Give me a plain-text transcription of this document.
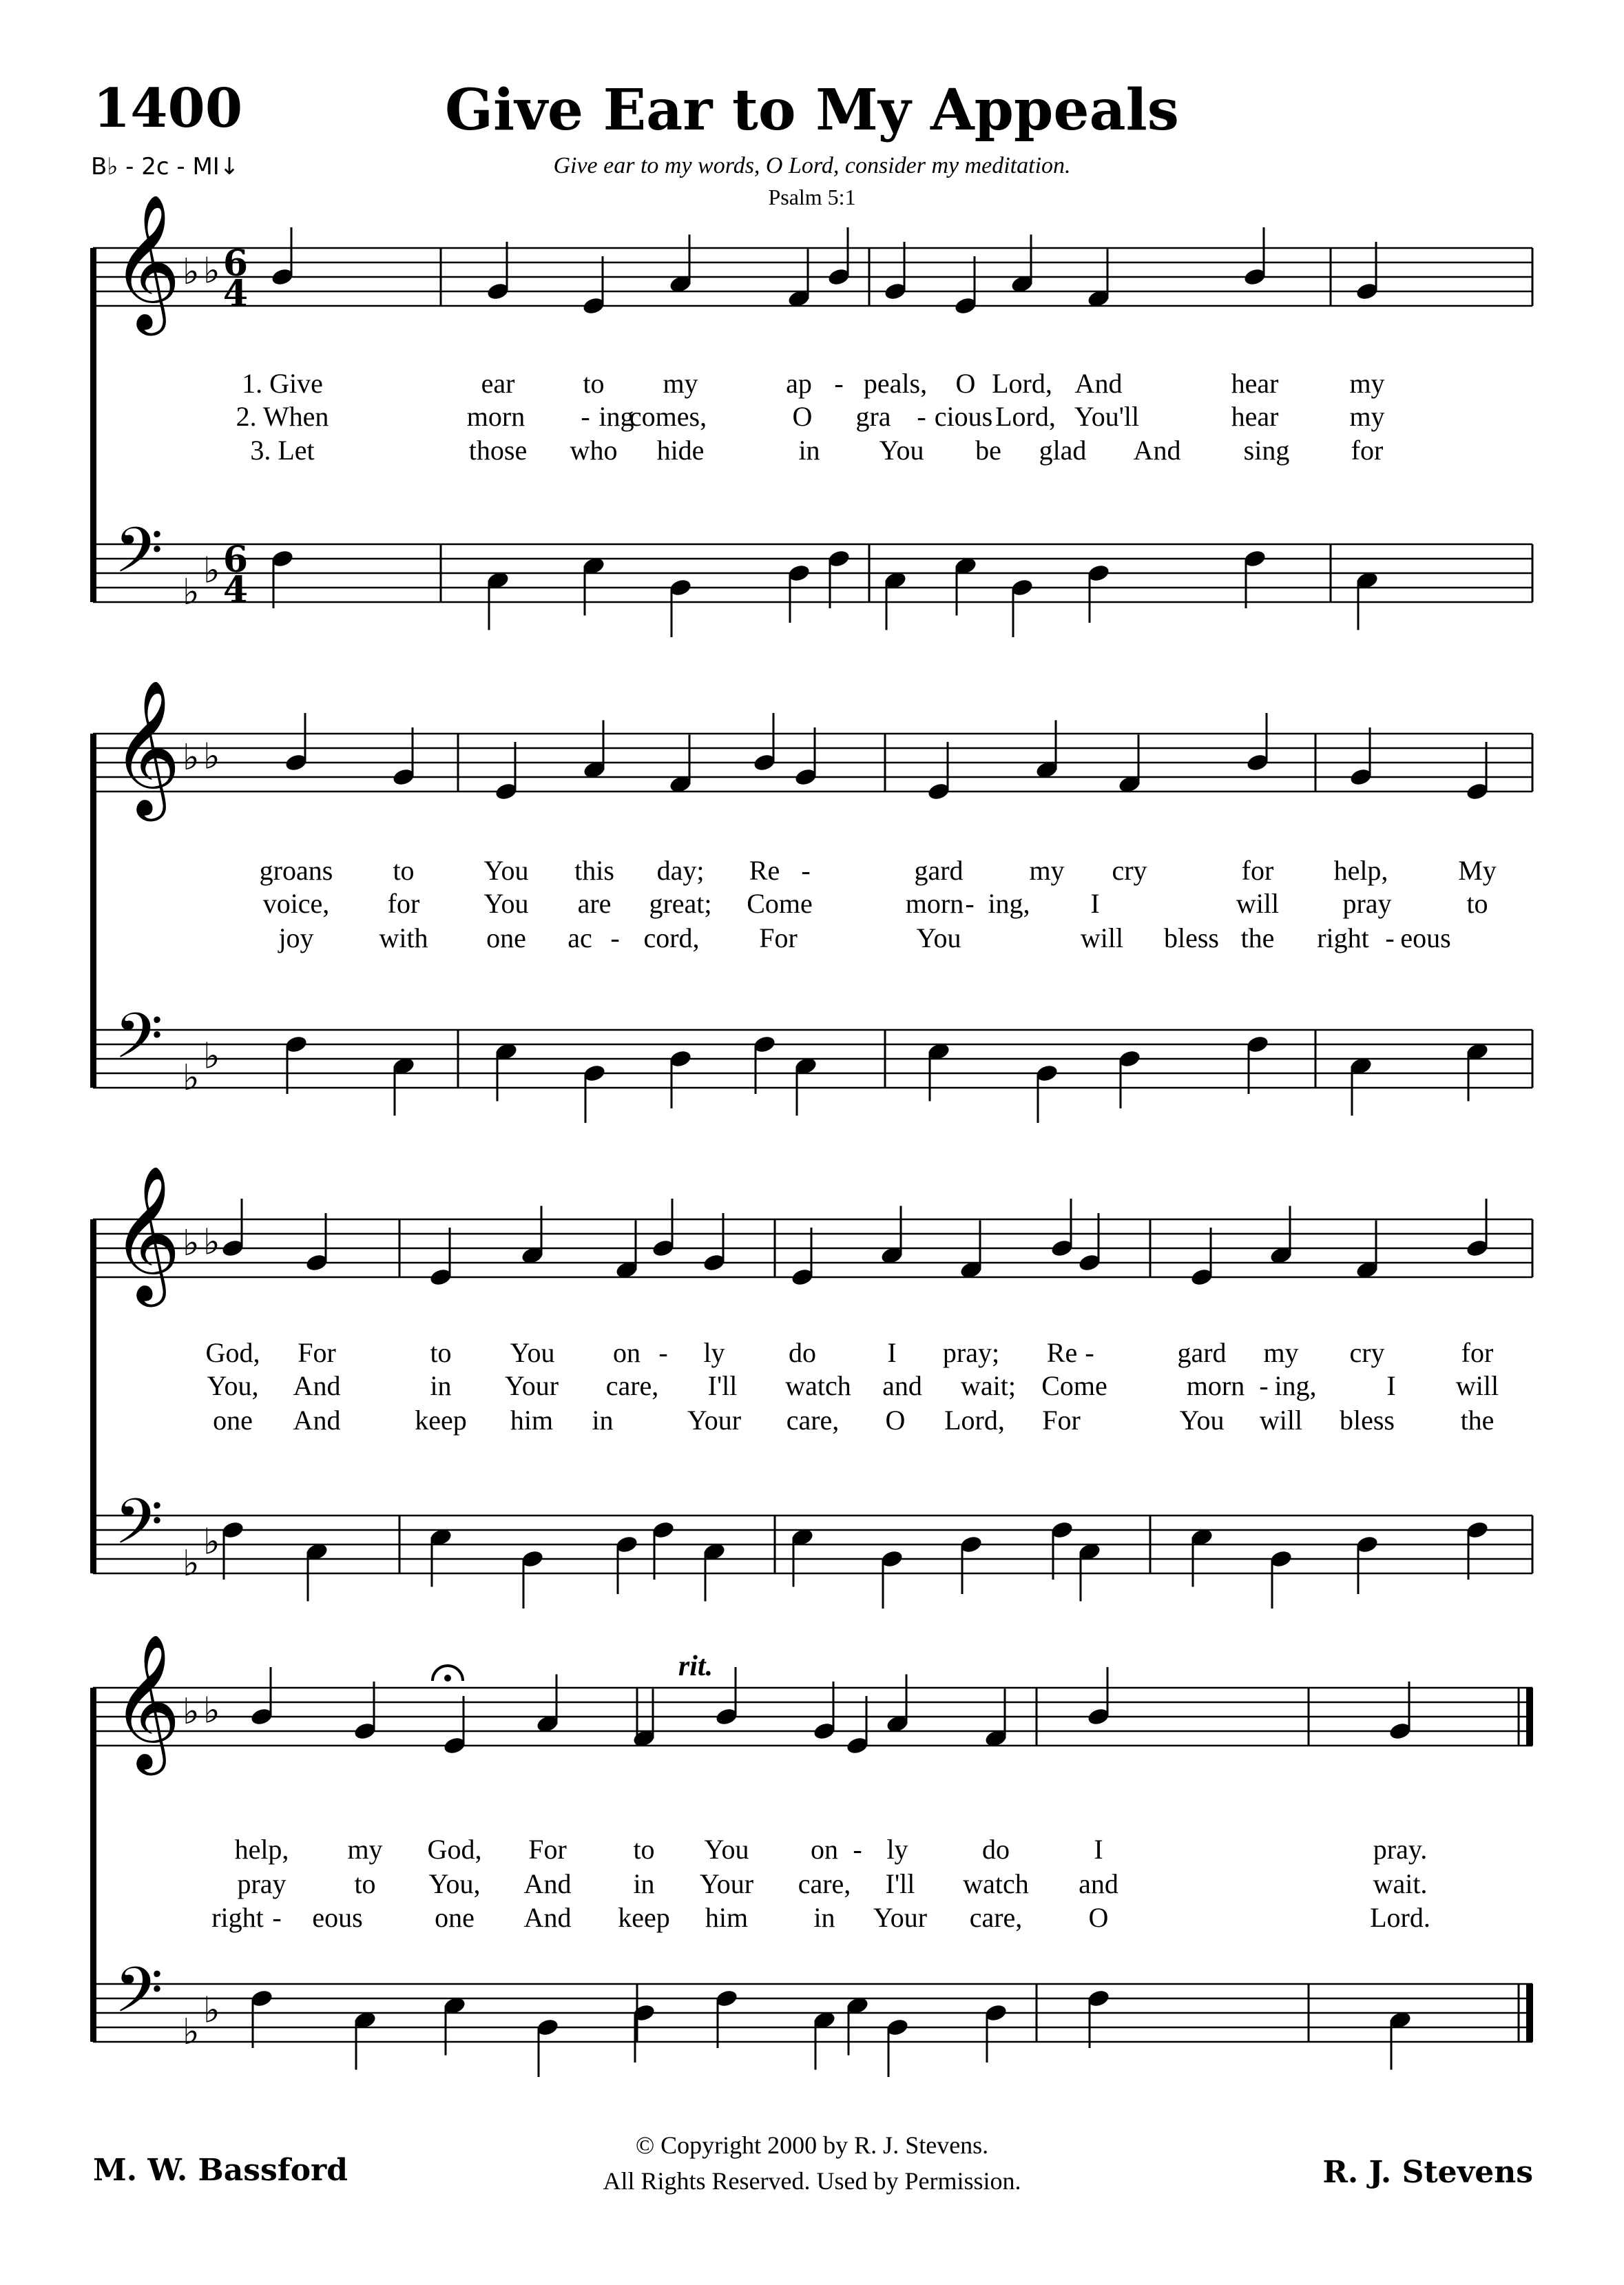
1400	Give Ear to My Appeals
B♭ - 2c - MI↓	Give ear to my words, O Lord, consider my meditation.
Psalm 5:1
𝄞
𝄢
♭ ♭
♭
♭
6
4
6
4
𝄞
𝄢
♭ ♭
♭
♭
𝄞
𝄢
♭ ♭
♭
♭
𝄞
𝄢
♭ ♭
♭
♭
rit.
1. Give	ear to my	ap - peals, O Lord, And	hear	my
2. When	morn - ing
comes,	O gra - cious Lord, You'll	hear	my
3. Let	those who hide	in You be glad And sing for
groans to	You this day; Re -	gard my cry	for help,	My
voice, for You are great; Come	morn - ing, I	will pray	to
joy with one ac - cord, For	You	will bless the right - eous
God, For	to You on - ly do	I pray; Re -	gard my cry	for
You, And	in Your care, I'll watch and wait; Come	morn - ing,	I will
one And	keep him in	Your care, O Lord, For	You will bless the
help, my God, For to You on - ly	do	I	pray.
pray to You, And in Your care, I'll watch and	wait.
right - eous	one And keep him in Your care, O	Lord.
M. W. Bassford
© Copyright 2000 by R. J. Stevens.
All Rights Reserved. Used by Permission.	R. J. Stevens
